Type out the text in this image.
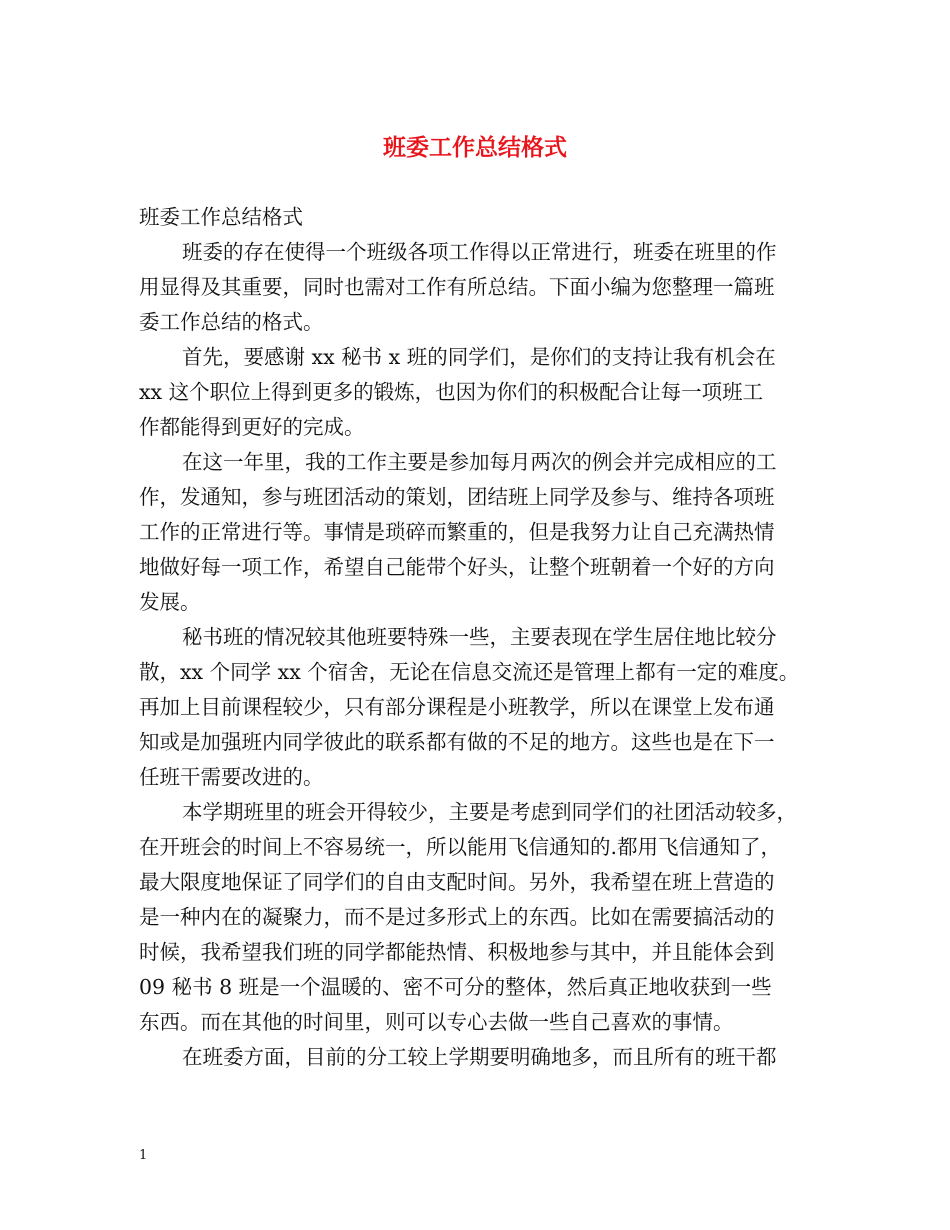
班委工作总结格式

班委工作总结格式

班委的存在使得一个班级各项工作得以正常进行，班委在班里的作
用显得及其重要，同时也需对工作有所总结。下面小编为您整理一篇班
委工作总结的格式。

首先，要感谢 xx 秘书 x 班的同学们，是你们的支持让我有机会在
xx 这个职位上得到更多的锻炼，也因为你们的积极配合让每一项班工
作都能得到更好的完成。

在这一年里，我的工作主要是参加每月两次的例会并完成相应的工
作，发通知，参与班团活动的策划，团结班上同学及参与、维持各项班
工作的正常进行等。事情是琐碎而繁重的，但是我努力让自己充满热情
地做好每一项工作，希望自己能带个好头，让整个班朝着一个好的方向
发展。

秘书班的情况较其他班要特殊一些，主要表现在学生居住地比较分
散，xx 个同学 xx 个宿舍，无论在信息交流还是管理上都有一定的难度。
再加上目前课程较少，只有部分课程是小班教学，所以在课堂上发布通
知或是加强班内同学彼此的联系都有做的不足的地方。这些也是在下一
任班干需要改进的。

本学期班里的班会开得较少，主要是考虑到同学们的社团活动较多，
在开班会的时间上不容易统一，所以能用飞信通知的.都用飞信通知了，
最大限度地保证了同学们的自由支配时间。另外，我希望在班上营造的
是一种内在的凝聚力，而不是过多形式上的东西。比如在需要搞活动的
时候，我希望我们班的同学都能热情、积极地参与其中，并且能体会到
09 秘书 8 班是一个温暖的、密不可分的整体，然后真正地收获到一些
东西。而在其他的时间里，则可以专心去做一些自己喜欢的事情。

在班委方面，目前的分工较上学期要明确地多，而且所有的班干都

1
